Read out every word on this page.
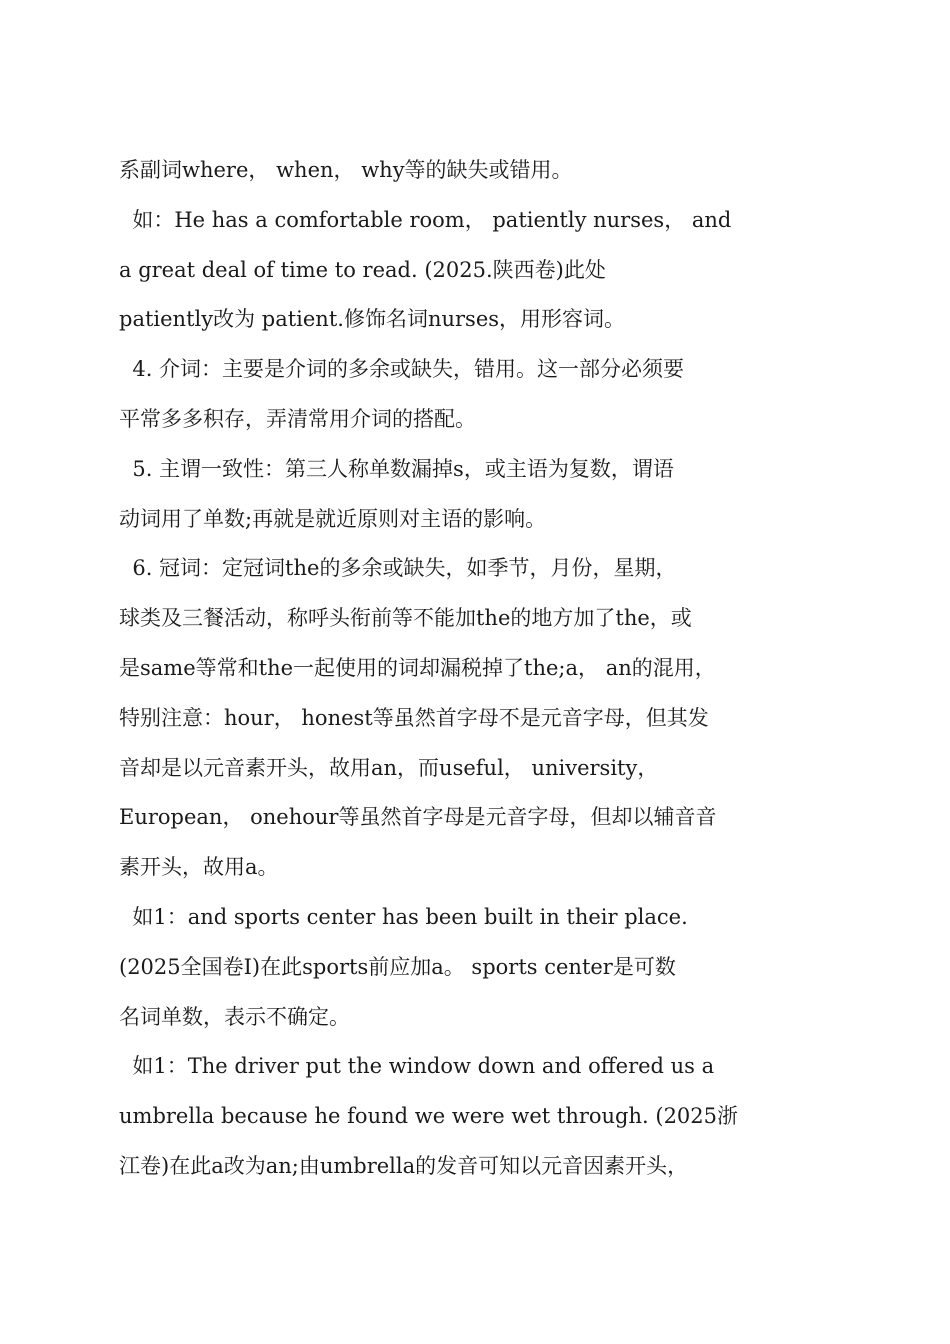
系副词where， when， why等的缺失或错用。
如：He has a comfortable room， patiently nurses， and
a great deal of time to read. (2025.陕西卷)此处
patiently改为 patient.修饰名词nurses，用形容词。
4. 介词：主要是介词的多余或缺失，错用。这一部分必须要
平常多多积存，弄清常用介词的搭配。
5. 主谓一致性：第三人称单数漏掉s，或主语为复数，谓语
动词用了单数;再就是就近原则对主语的影响。
6. 冠词：定冠词the的多余或缺失，如季节，月份，星期，
球类及三餐活动，称呼头衔前等不能加the的地方加了the，或
是same等常和the一起使用的词却漏税掉了the;a， an的混用，
特别注意：hour， honest等虽然首字母不是元音字母，但其发
音却是以元音素开头，故用an，而useful， university，
European， onehour等虽然首字母是元音字母，但却以辅音音
素开头，故用a。
如1：and sports center has been built in their place.
(2025全国卷I)在此sports前应加a。 sports center是可数
名词单数，表示不确定。
如1：The driver put the window down and offered us a
umbrella because he found we were wet through. (2025浙
江卷)在此a改为an;由umbrella的发音可知以元音因素开头，
